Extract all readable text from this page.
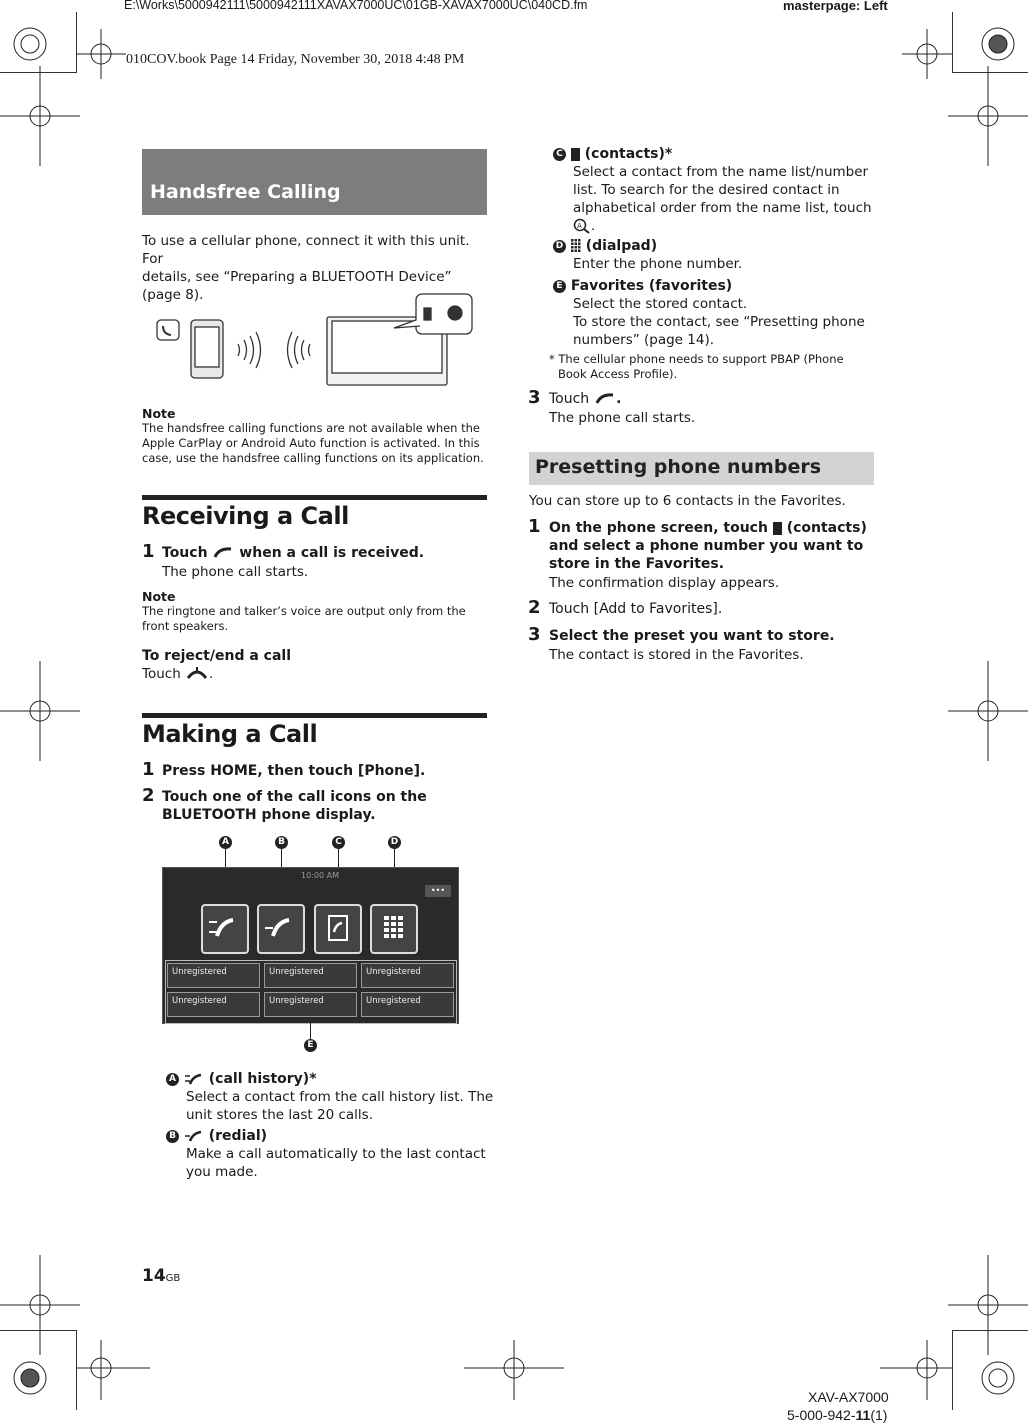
E:\Works\5000942111\5000942111XAVAX7000UC\01GB-XAVAX7000UC\040CD.fm	masterpage: Left
010COV.book Page 14 Friday, November 30, 2018 4:48 PM
Handsfree Calling
To use a cellular phone, connect it with this unit. For
details, see “Preparing a BLUETOOTH Device”
(page 8).
Note
The handsfree calling functions are not available when the
Apple CarPlay or Android Auto function is activated. In this
case, use the handsfree calling functions on its application.
Receiving a Call
1 Touch when a call is received.
The phone call starts.
Note
The ringtone and talker’s voice are output only from the
front speakers.
To reject/end a call
Touch .
Making a Call
1 Press HOME, then touch [Phone].
2 Touch one of the call icons on the
BLUETOOTH phone display.
A	B	C	D
10:00 AM
•••
Unregistered	Unregistered	Unregistered
Unregistered	Unregistered	Unregistered
E
A (call history)*
Select a contact from the call history list. The
unit stores the last 20 calls.
B (redial)
Make a call automatically to the last contact
you made.
C (contacts)*
Select a contact from the name list/number
list. To search for the desired contact in
alphabetical order from the name list, touch
A .
D (dialpad)
Enter the phone number.
E Favorites (favorites)
Select the stored contact.
To store the contact, see “Presetting phone
numbers” (page 14).
* The cellular phone needs to support PBAP (Phone
Book Access Profile).
3 Touch .
The phone call starts.
Presetting phone numbers
You can store up to 6 contacts in the Favorites.
1 On the phone screen, touch (contacts)
and select a phone number you want to
store in the Favorites.
The confirmation display appears.
2 Touch [Add to Favorites].
3 Select the preset you want to store.
The contact is stored in the Favorites.
14GB
XAV-AX7000
5-000-942-11(1)
